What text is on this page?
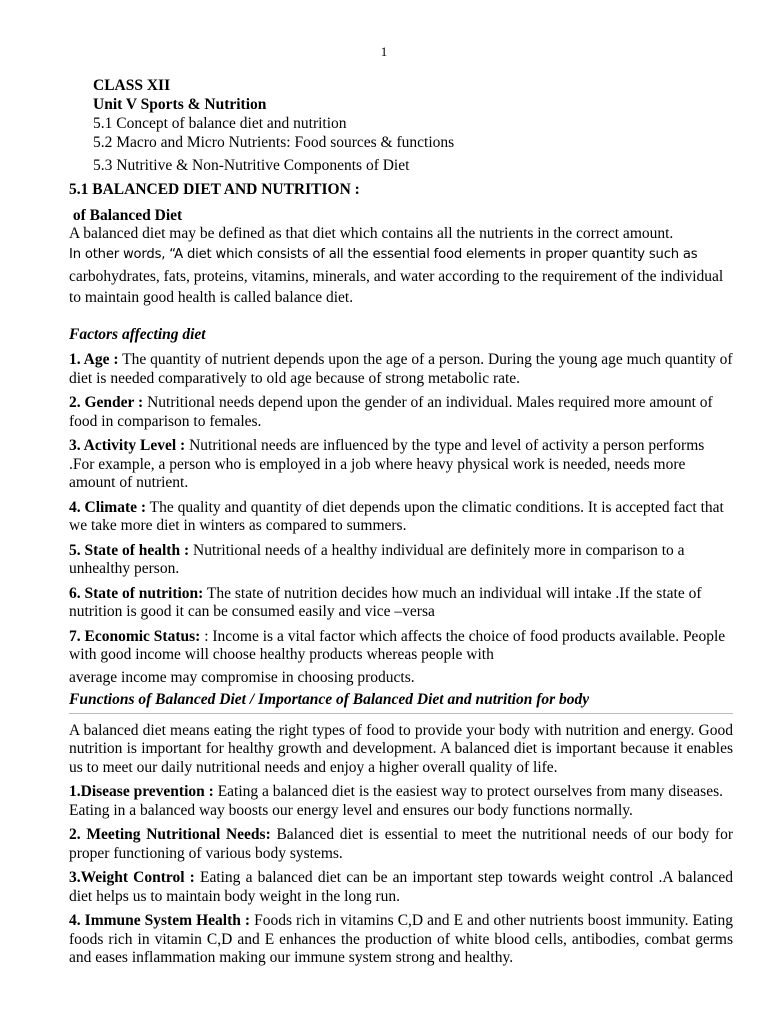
1
CLASS XII
Unit V Sports & Nutrition
5.1 Concept of balance diet and nutrition
5.2 Macro and Micro Nutrients: Food sources & functions
5.3 Nutritive & Non-Nutritive Components of Diet

5.1 BALANCED DIET AND NUTRITION :

of Balanced Diet

A balanced diet may be defined as that diet which contains all the nutrients in the correct amount.

In other words, “A diet which consists of all the essential food elements in proper quantity such as

carbohydrates, fats, proteins, vitamins, minerals, and water according to the requirement of the individual to maintain good health is called balance diet.

Factors affecting diet

1. Age : The quantity of nutrient depends upon the age of a person. During the young age much quantity of diet is needed comparatively to old age because of strong metabolic rate.

2. Gender : Nutritional needs depend upon the gender of an individual. Males required more amount of food in comparison to females.

3. Activity Level : Nutritional needs are influenced by the type and level of activity a person performs .For example, a person who is employed in a job where heavy physical work is needed, needs more amount of nutrient.

4. Climate : The quality and quantity of diet depends upon the climatic conditions. It is accepted fact that we take more diet in winters as compared to summers.

5. State of health : Nutritional needs of a healthy individual are definitely more in comparison to a unhealthy person.

6. State of nutrition: The state of nutrition decides how much an individual will intake .If the state of nutrition is good it can be consumed easily and vice –versa

7. Economic Status: : Income is a vital factor which affects the choice of food products available. People with good income will choose healthy products whereas people with

average income may compromise in choosing products.

Functions of Balanced Diet / Importance of Balanced Diet and nutrition for body

A balanced diet means eating the right types of food to provide your body with nutrition and energy. Good nutrition is important for healthy growth and development. A balanced diet is important because it enables us to meet our daily nutritional needs and enjoy a higher overall quality of life.

1.Disease prevention : Eating a balanced diet is the easiest way to protect ourselves from many diseases. Eating in a balanced way boosts our energy level and ensures our body functions normally.

2. Meeting Nutritional Needs: Balanced diet is essential to meet the nutritional needs of our body for proper functioning of various body systems.

3.Weight Control : Eating a balanced diet can be an important step towards weight control .A balanced diet helps us to maintain body weight in the long run.

4. Immune System Health : Foods rich in vitamins C,D and E and other nutrients boost immunity. Eating foods rich in vitamin C,D and E enhances the production of white blood cells, antibodies, combat germs and eases inflammation making our immune system strong and healthy.
